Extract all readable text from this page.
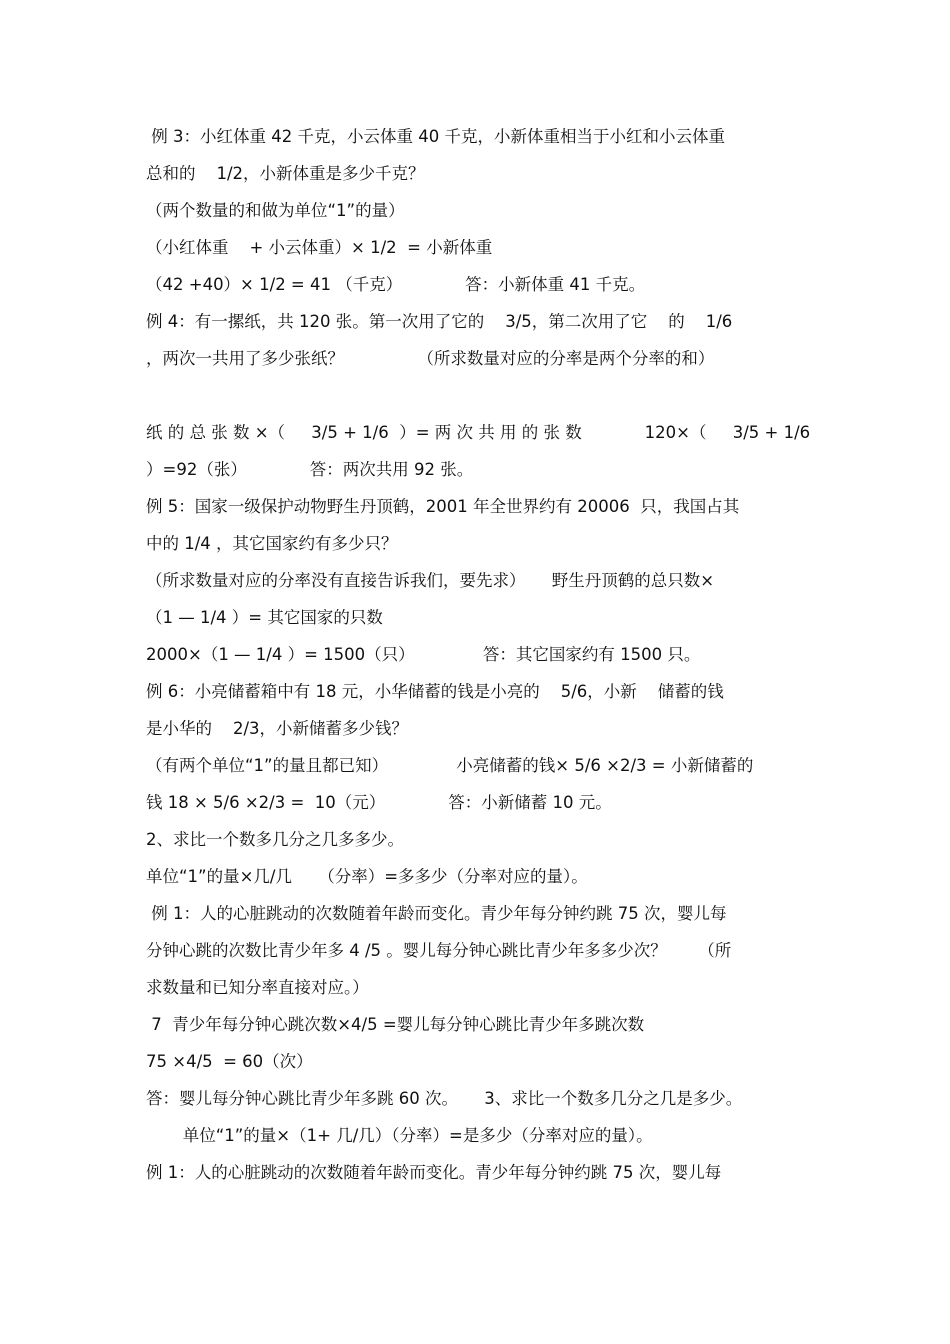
例 3：小红体重 42 千克，小云体重 40 千克，小新体重相当于小红和小云体重
总和的    1/2，小新体重是多少千克？
（两个数量的和做为单位“1”的量）
（小红体重    + 小云体重）× 1/2  = 小新体重
（42 +40）× 1/2 = 41 （千克）            答：小新体重 41 千克。
例 4：有一摞纸，共 120 张。第一次用了它的    3/5，第二次用了它    的    1/6
，两次一共用了多少张纸？              （所求数量对应的分率是两个分率的和）
纸 的 总 张 数 ×（     3/5 + 1/6  ）= 两 次 共 用 的 张 数            120×（     3/5 + 1/6
）=92（张）            答：两次共用 92 张。
例 5：国家一级保护动物野生丹顶鹤，2001 年全世界约有 20006  只，我国占其
中的 1/4 ，其它国家约有多少只？
（所求数量对应的分率没有直接告诉我们，要先求）     野生丹顶鹤的总只数×
（1 — 1/4 ）= 其它国家的只数
2000×（1 — 1/4 ）= 1500（只）             答：其它国家约有 1500 只。
例 6：小亮储蓄箱中有 18 元，小华储蓄的钱是小亮的    5/6，小新    储蓄的钱
是小华的    2/3，小新储蓄多少钱？
（有两个单位“1”的量且都已知）             小亮储蓄的钱× 5/6 ×2/3 = 小新储蓄的
钱 18 × 5/6 ×2/3 =  10（元）            答：小新储蓄 10 元。
2、求比一个数多几分之几多多少。
单位“1”的量×几/几     （分率）=多多少（分率对应的量）。
例 1：人的心脏跳动的次数随着年龄而变化。青少年每分钟约跳 75 次，婴儿每
分钟心跳的次数比青少年多 4 /5 。婴儿每分钟心跳比青少年多多少次？      （所
求数量和已知分率直接对应。）
7  青少年每分钟心跳次数×4/5 =婴儿每分钟心跳比青少年多跳次数
75 ×4/5  = 60（次）
答：婴儿每分钟心跳比青少年多跳 60 次。     3、求比一个数多几分之几是多少。
单位“1”的量×（1+ 几/几）（分率）=是多少（分率对应的量）。
例 1：人的心脏跳动的次数随着年龄而变化。青少年每分钟约跳 75 次，婴儿每
